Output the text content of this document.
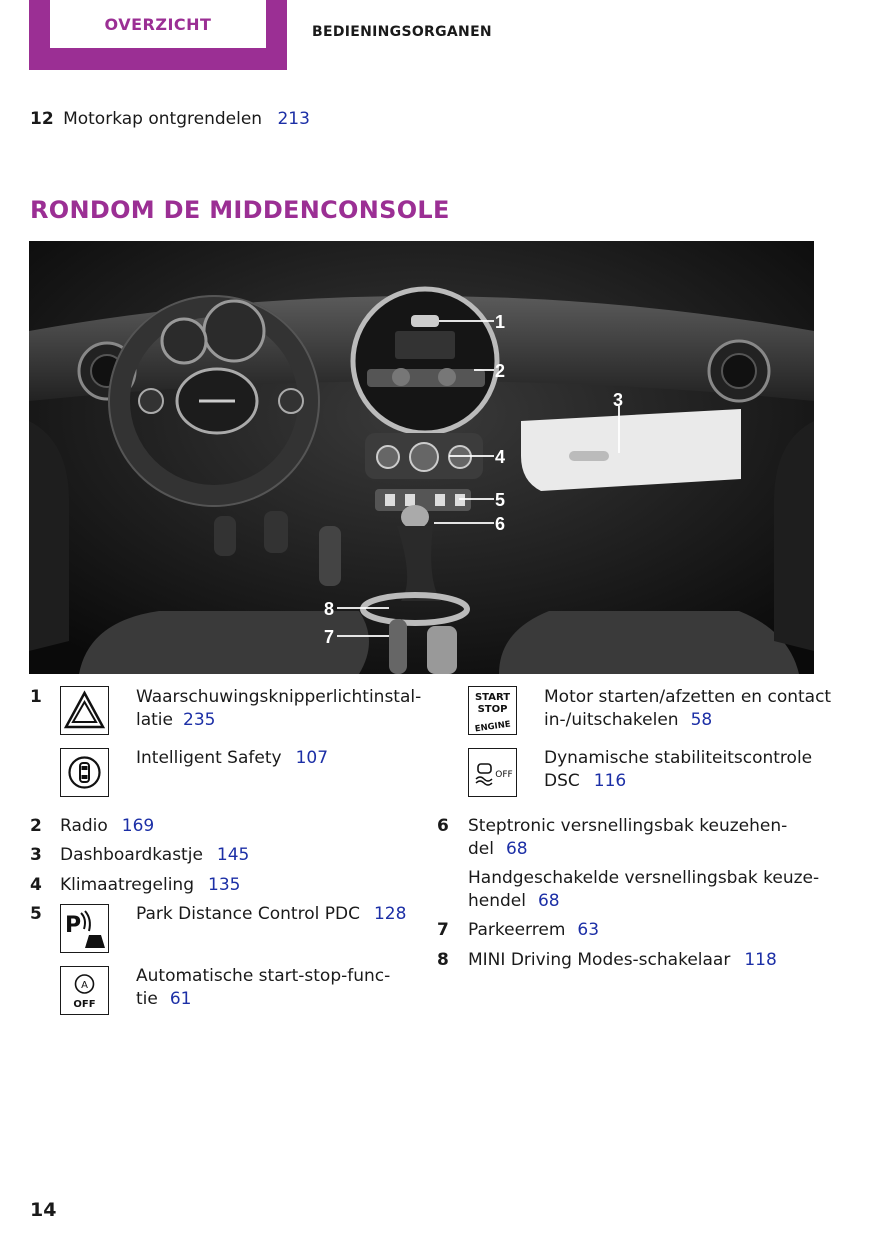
OVERZICHT	BEDIENINGSORGANEN
12 Motorkap ontgrendelen 213
RONDOM DE MIDDENCONSOLE
1
2
3
4
5
6
7
8
1	Waarschuwingsknipperlichtinstal-
latie 235
Intelligent Safety 107
START
STOP
ENGINE
Motor starten/afzetten en contact
in-/uitschakelen 58
OFF
Dynamische stabiliteitscontrole
DSC 116
2 Radio 169
3 Dashboardkastje 145
4 Klimaatregeling 135
5 P	Park Distance Control PDC 128
A
OFF
Automatische start-stop-func-
tie 61
6 Steptronic versnellingsbak keuzehen-
del 68
Handgeschakelde versnellingsbak keuze-
hendel 68
7 Parkeerrem 63
8 MINI Driving Modes-schakelaar 118
14
